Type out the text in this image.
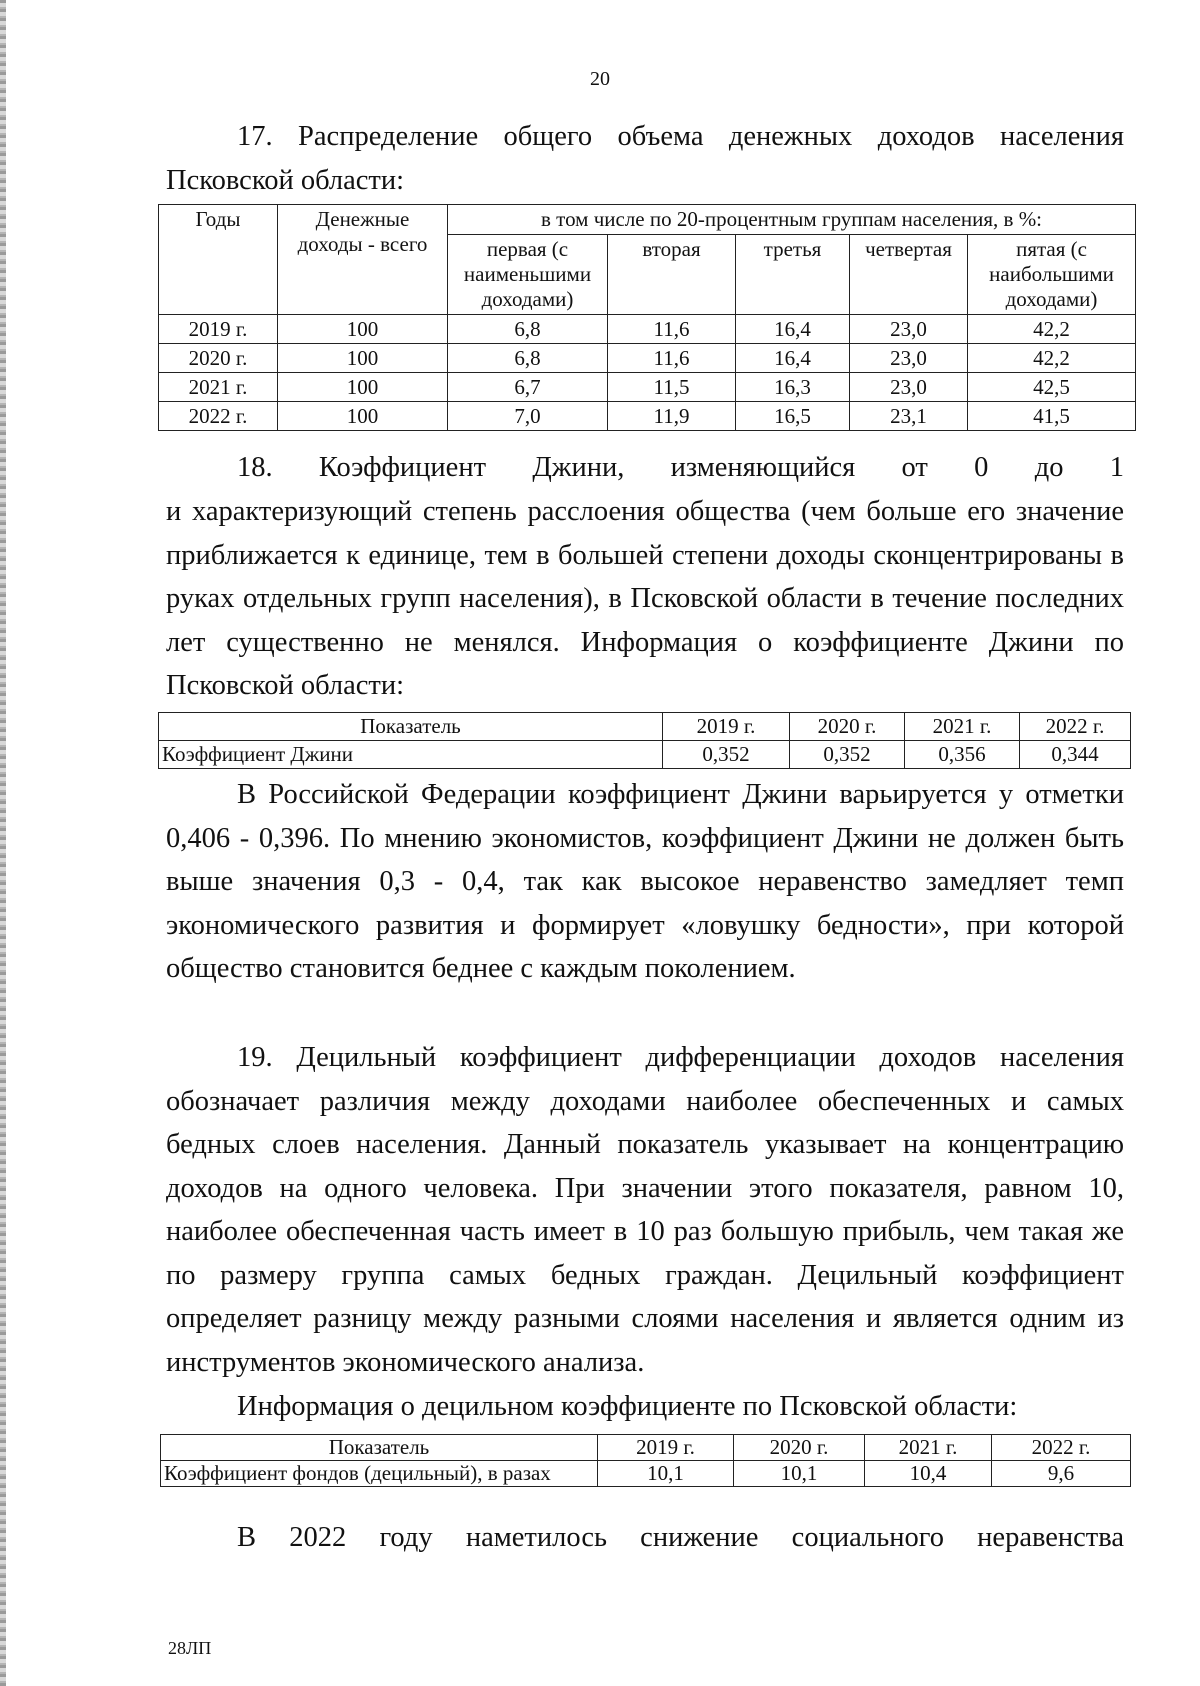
20

17. Распределение общего объема денежных доходов населения Псковской области:

Годы	Денежные доходы - всего	в том числе по 20-процентным группам населения, в %:				
		первая (с наименьшими доходами)	вторая	третья	четвертая	пятая (с наибольшими доходами)
2019 г.	100	6,8	11,6	16,4	23,0	42,2
2020 г.	100	6,8	11,6	16,4	23,0	42,2
2021 г.	100	6,7	11,5	16,3	23,0	42,5
2022 г.	100	7,0	11,9	16,5	23,1	41,5

18. Коэффициент Джини, изменяющийся от 0 до 1

и характеризующий степень расслоения общества (чем больше его значение приближается к единице, тем в большей степени доходы сконцентрированы в руках отдельных групп населения), в Псковской области в течение последних лет существенно не менялся. Информация о коэффициенте Джини по Псковской области:

Показатель	2019 г.	2020 г.	2021 г.	2022 г.
Коэффициент Джини	0,352	0,352	0,356	0,344

В Российской Федерации коэффициент Джини варьируется у отметки 0,406 - 0,396. По мнению экономистов, коэффициент Джини не должен быть выше значения 0,3 - 0,4, так как высокое неравенство замедляет темп экономического развития и формирует «ловушку бедности», при которой общество становится беднее с каждым поколением.

19. Децильный коэффициент дифференциации доходов населения обозначает различия между доходами наиболее обеспеченных и самых бедных слоев населения. Данный показатель указывает на концентрацию доходов на одного человека. При значении этого показателя, равном 10, наиболее обеспеченная часть имеет в 10 раз большую прибыль, чем такая же по размеру группа самых бедных граждан. Децильный коэффициент определяет разницу между разными слоями населения и является одним из инструментов экономического анализа.

Информация о децильном коэффициенте по Псковской области:

Показатель	2019 г.	2020 г.	2021 г.	2022 г.
Коэффициент фондов (децильный), в разах	10,1	10,1	10,4	9,6

В 2022 году наметилось снижение социального неравенства

28ЛП
